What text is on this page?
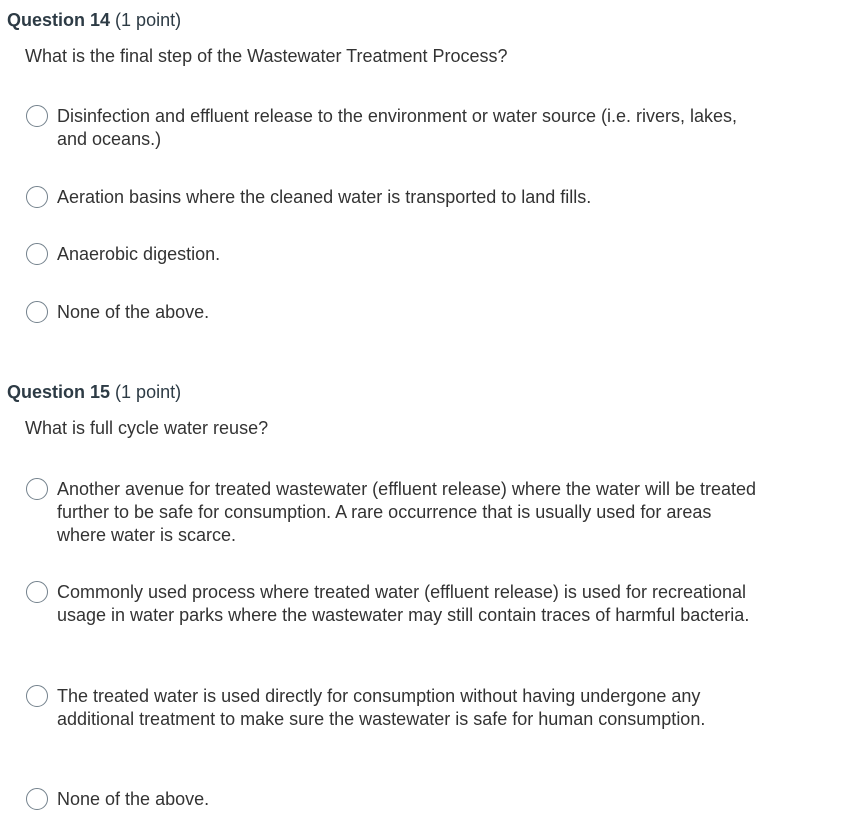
Question 14 (1 point)
What is the final step of the Wastewater Treatment Process?
Disinfection and effluent release to the environment or water source (i.e. rivers, lakes, and oceans.)
Aeration basins where the cleaned water is transported to land fills.
Anaerobic digestion.
None of the above.
Question 15 (1 point)
What is full cycle water reuse?
Another avenue for treated wastewater (effluent release) where the water will be treated further to be safe for consumption. A rare occurrence that is usually used for areas where water is scarce.
Commonly used process where treated water (effluent release) is used for recreational usage in water parks where the wastewater may still contain traces of harmful bacteria.
The treated water is used directly for consumption without having undergone any additional treatment to make sure the wastewater is safe for human consumption.
None of the above.
